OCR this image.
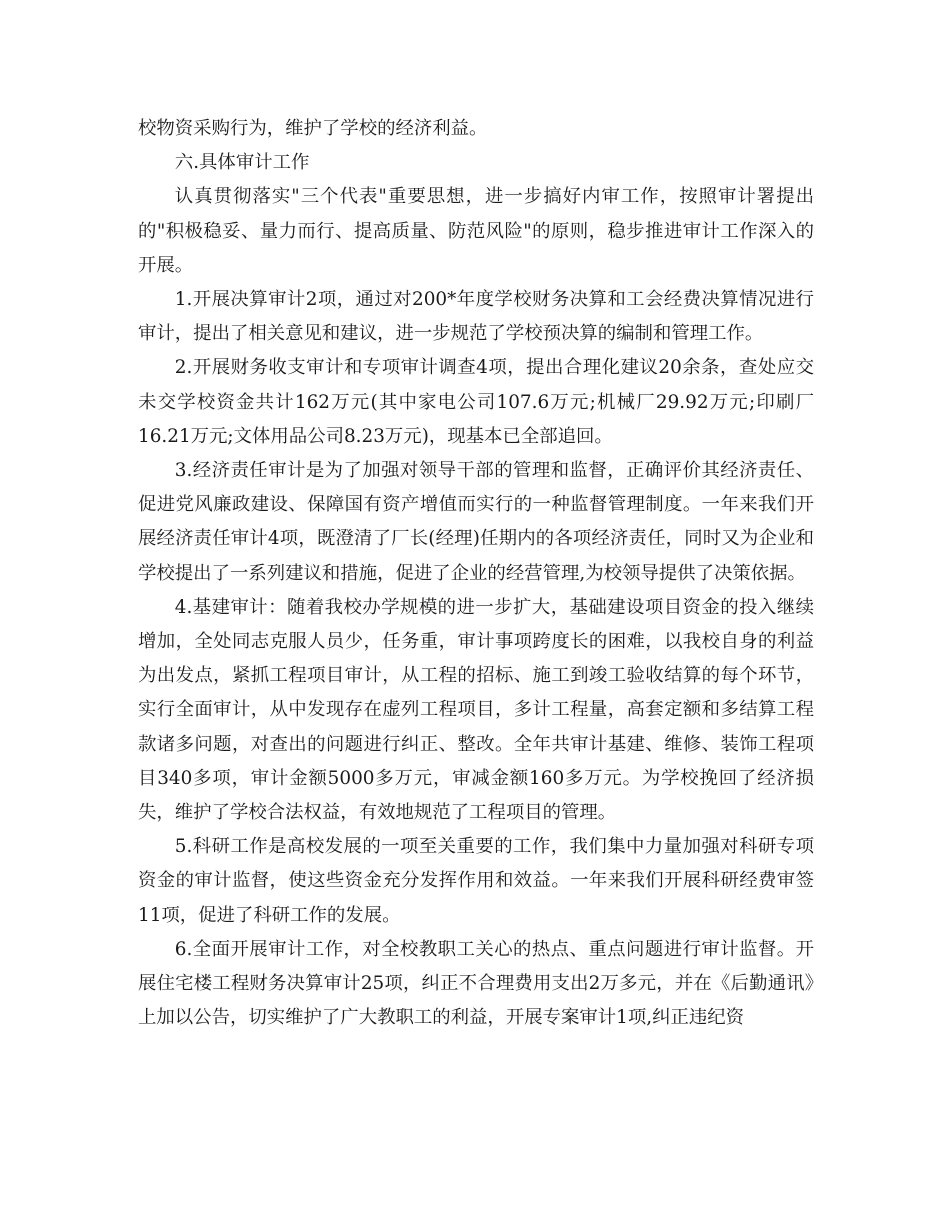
校物资采购行为，维护了学校的经济利益。

六.具体审计工作

认真贯彻落实"三个代表"重要思想，进一步搞好内审工作，按照审计署提出的"积极稳妥、量力而行、提高质量、防范风险"的原则，稳步推进审计工作深入的开展。

1.开展决算审计2项，通过对200*年度学校财务决算和工会经费决算情况进行审计，提出了相关意见和建议，进一步规范了学校预决算的编制和管理工作。

2.开展财务收支审计和专项审计调查4项，提出合理化建议20余条，查处应交未交学校资金共计162万元(其中家电公司107.6万元;机械厂29.92万元;印刷厂16.21万元;文体用品公司8.23万元)，现基本已全部追回。

3.经济责任审计是为了加强对领导干部的管理和监督，正确评价其经济责任、促进党风廉政建设、保障国有资产增值而实行的一种监督管理制度。一年来我们开展经济责任审计4项，既澄清了厂长(经理)任期内的各项经济责任，同时又为企业和学校提出了一系列建议和措施，促进了企业的经营管理,为校领导提供了决策依据。

4.基建审计：随着我校办学规模的进一步扩大，基础建设项目资金的投入继续增加，全处同志克服人员少，任务重，审计事项跨度长的困难，以我校自身的利益为出发点，紧抓工程项目审计，从工程的招标、施工到竣工验收结算的每个环节，实行全面审计，从中发现存在虚列工程项目，多计工程量，高套定额和多结算工程款诸多问题，对查出的问题进行纠正、整改。全年共审计基建、维修、装饰工程项目340多项，审计金额5000多万元，审减金额160多万元。为学校挽回了经济损失，维护了学校合法权益，有效地规范了工程项目的管理。

5.科研工作是高校发展的一项至关重要的工作，我们集中力量加强对科研专项资金的审计监督，使这些资金充分发挥作用和效益。一年来我们开展科研经费审签11项，促进了科研工作的发展。

6.全面开展审计工作，对全校教职工关心的热点、重点问题进行审计监督。开展住宅楼工程财务决算审计25项，纠正不合理费用支出2万多元，并在《后勤通讯》上加以公告，切实维护了广大教职工的利益，开展专案审计1项,纠正违纪资
